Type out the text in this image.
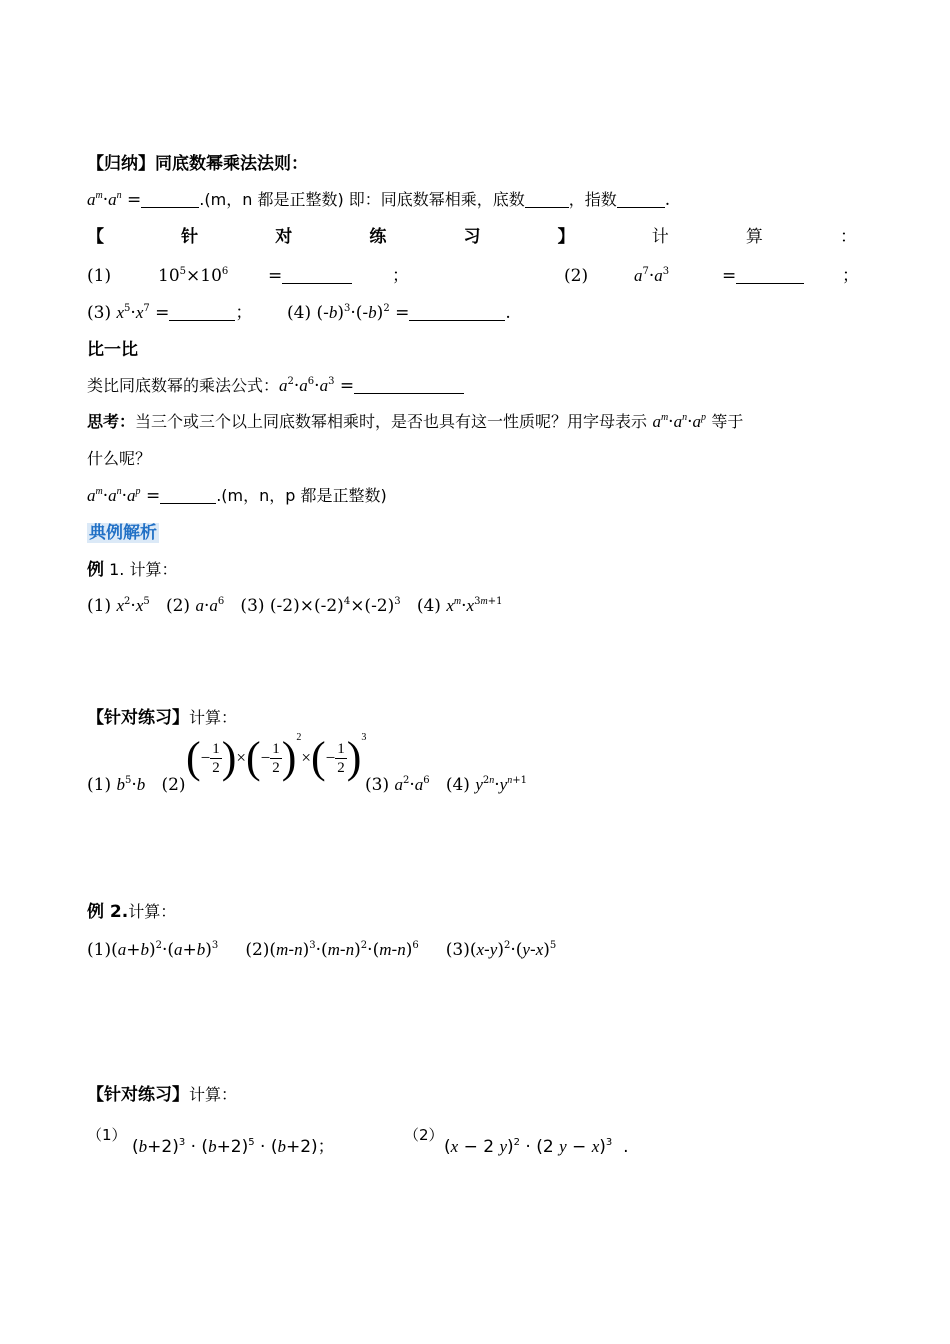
【归纳】同底数幂乘法法则：
$a^m\cdot a^n$ =	.(m，n 都是正整数) 即：同底数幂相乘，底数	，指数	.
【	针	对	练	习	】	计	算	：
(1)	$10^5\times 10^6$ =	；	(2)	$a^7\cdot a^3$	=	；
(3) $x^5\cdot x^7$ =	； (4) $(-b)^3\cdot(-b)^2$ =	.
比一比
类比同底数幂的乘法公式：$a^2\cdot a^6\cdot a^3$ =
思考：当三个或三个以上同底数幂相乘时，是否也具有这一性质呢？用字母表示 $a^m\cdot a^n\cdot a^p$ 等于
什么呢？
$a^m\cdot a^n\cdot a^p$ =	.(m，n，p 都是正整数)
典例解析
例 1. 计算：
(1) $x^2\cdot x^5$   (2) $a\cdot a^6$   (3) $(-2)\times(-2)^4\times(-2)^3$   (4) $x^m\cdot x^{3m+1}$
【针对练习】计算：
(1) $b^5\cdot b$   (2)
(− $\frac{1}{2}$ )×(− $\frac{1}{2} )^2\times(- \frac{1}{2} )^3$
(3) $a^2\cdot a^6$   (4) $y^{2n}\cdot y^{n+1}$
例 2.计算：
$(1)(a+b)^2\cdot(a+b)^3$     $(2)(m-n)^3\cdot(m-n)^2\cdot(m-n)^6$     $(3)(x-y)^2\cdot(y-x)^5$
【针对练习】计算：
（1）
$(b+2)^3 \cdot (b+2)^5 \cdot (b+2)$；
（2）
(x − 2 y)$^2$ · (2 y − x)$^3$  .
